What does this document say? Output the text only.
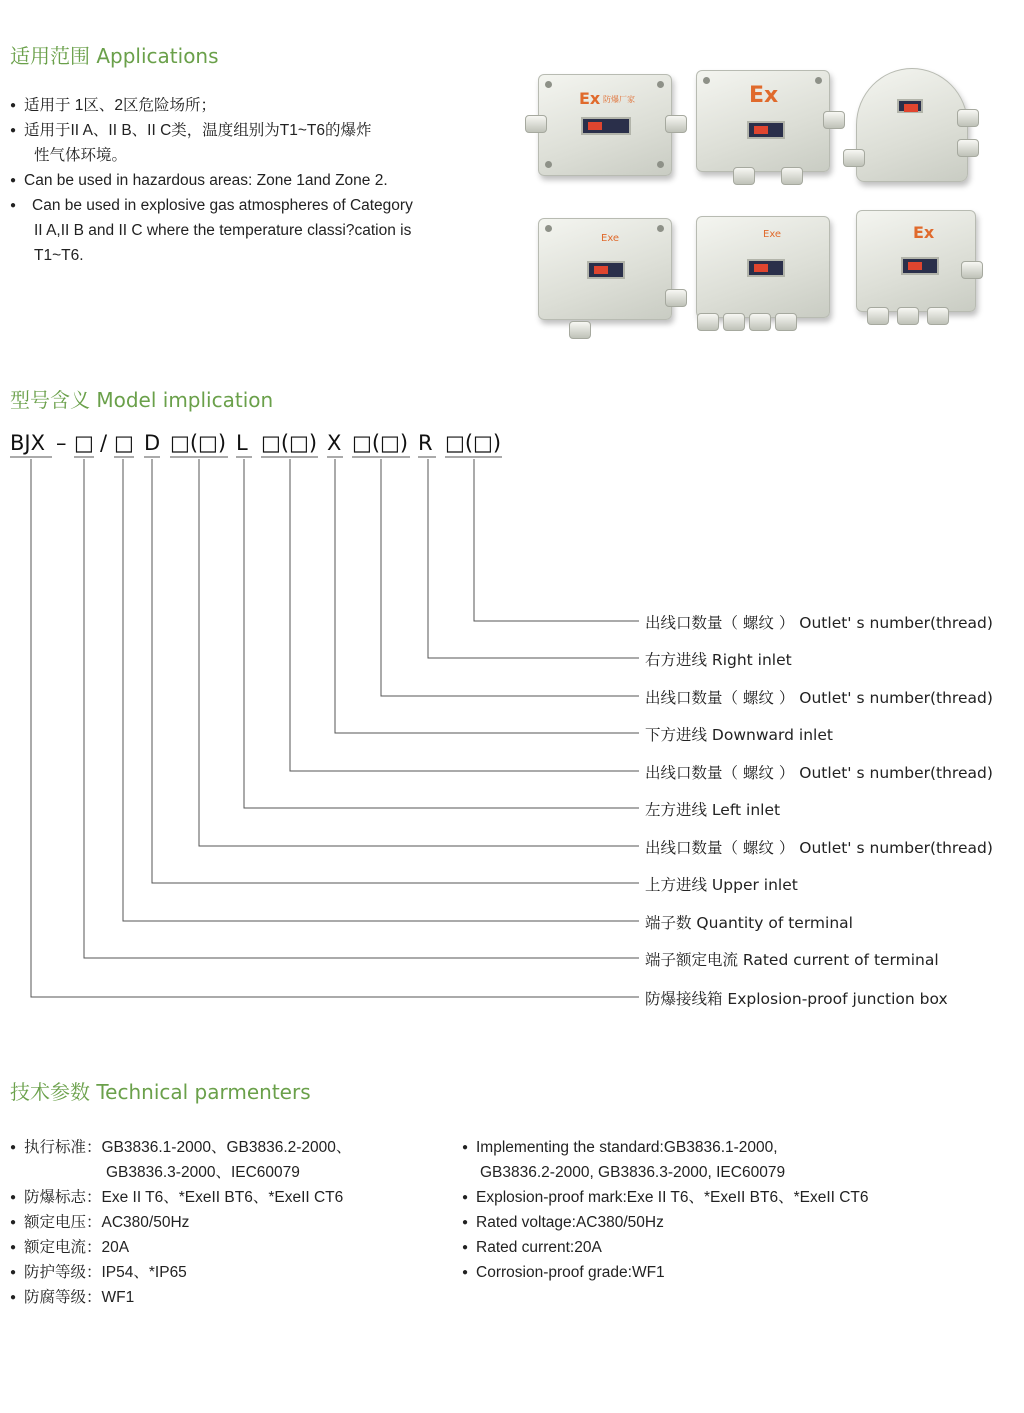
适用范围 Applications
● 适用于 1区、2区危险场所；
● 适用于II A、II B、II C类，温度组别为T1~T6的爆炸
性气体环境。
● Can be used in hazardous areas: Zone 1and Zone 2.
● Can be used in explosive gas atmospheres of Category
II A,II B and II C where the temperature classi?cation is
T1~T6.
Ex 防爆厂家	Ex
Exe	Exe	Ex
型号含义 Model implication
BJX – □ / □ D □(□) L □(□) X □(□) R □(□)
出线口数量（ 螺纹 ） Outlet' s number(thread)
右方进线 Right inlet
出线口数量（ 螺纹 ） Outlet' s number(thread)
下方进线 Downward inlet
出线口数量（ 螺纹 ） Outlet' s number(thread)
左方进线 Left inlet
出线口数量（ 螺纹 ） Outlet' s number(thread)
上方进线 Upper inlet
端子数 Quantity of terminal
端子额定电流 Rated current of terminal
防爆接线箱 Explosion-proof junction box
技术参数 Technical parmenters
● 执行标准：GB3836.1-2000、GB3836.2-2000、
GB3836.3-2000、IEC60079
● 防爆标志：Exe II T6、*ExeII BT6、*ExeII CT6
● 额定电压：AC380/50Hz
● 额定电流：20A
● 防护等级：IP54、*IP65
● 防腐等级：WF1
● Implementing the standard:GB3836.1-2000,
GB3836.2-2000, GB3836.3-2000, IEC60079
● Explosion-proof mark:Exe II T6、*ExeII BT6、*ExeII CT6
● Rated voltage:AC380/50Hz
● Rated current:20A
● Corrosion-proof grade:WF1
